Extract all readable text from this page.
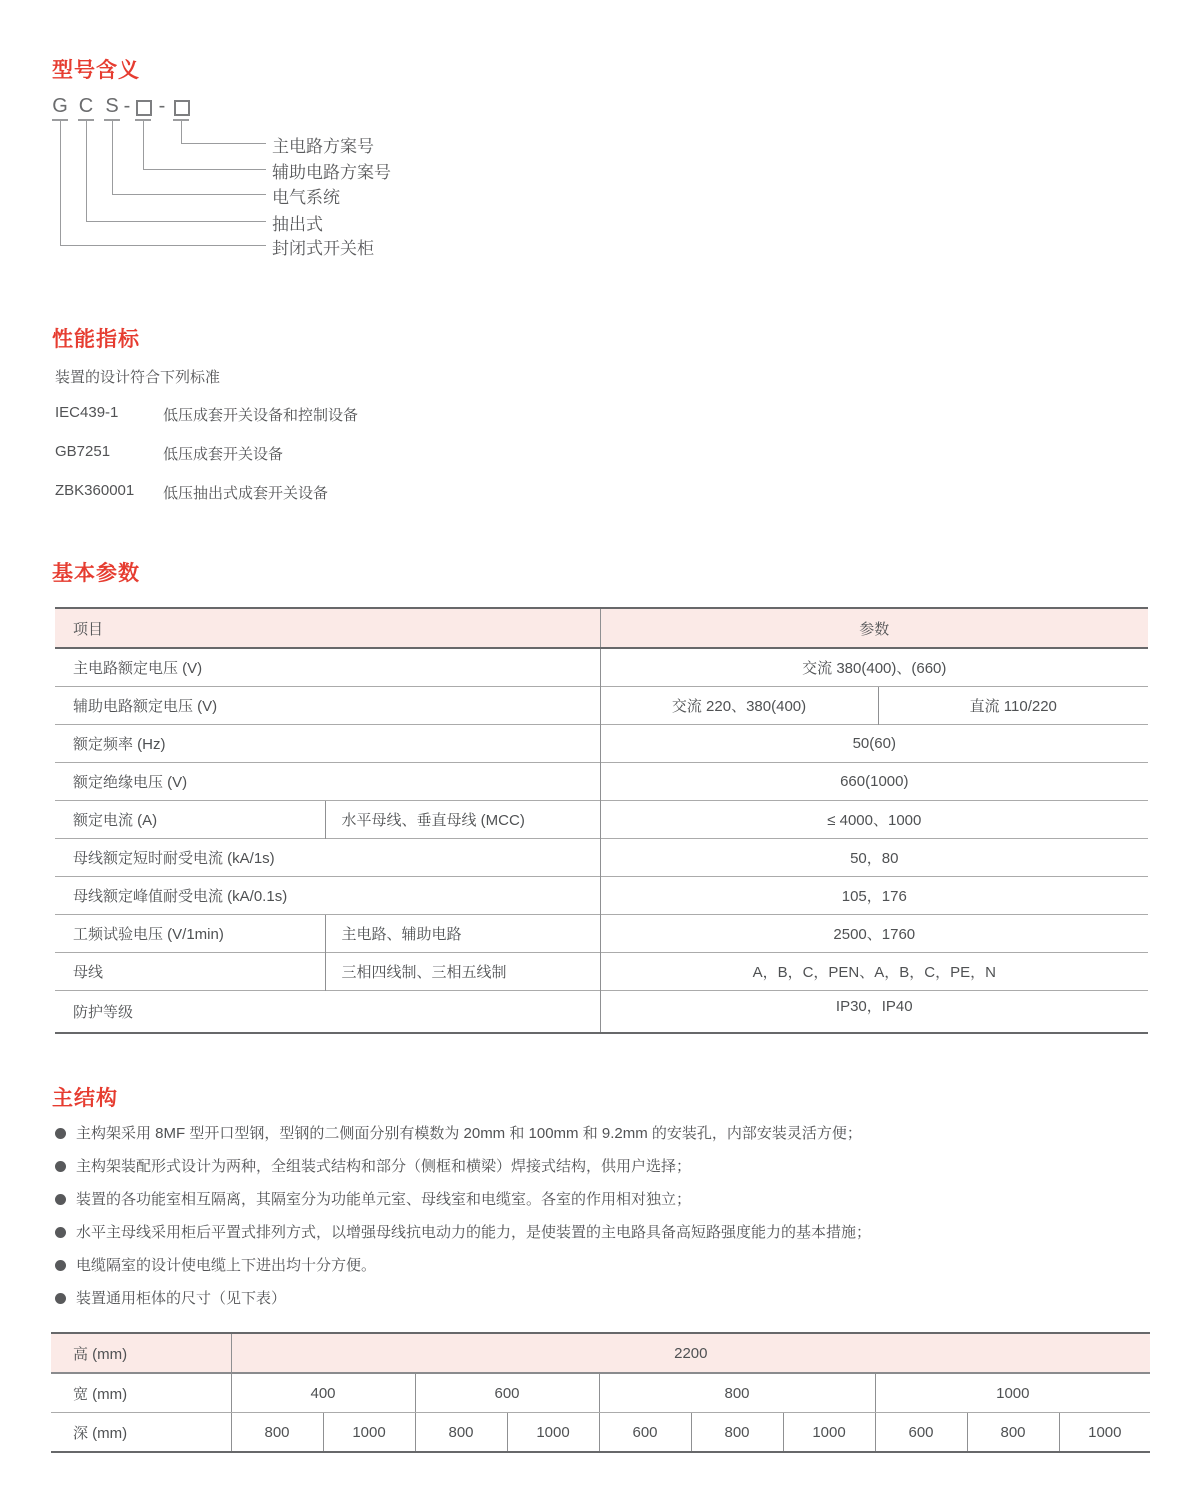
型号含义
G C S -	-
主电路方案号
辅助电路方案号
电气系统
抽出式
封闭式开关柜
性能指标
装置的设计符合下列标准
IEC439-1	低压成套开关设备和控制设备
GB7251	低压成套开关设备
ZBK360001	低压抽出式成套开关设备
基本参数
项目		参数	
主电路额定电压 (V)		交流 380(400)、(660)	
辅助电路额定电压 (V)		交流 220、380(400)	直流 110/220
额定频率 (Hz)		50(60)	
额定绝缘电压 (V)		660(1000)	
额定电流 (A)	水平母线、垂直母线 (MCC)	≤ 4000、1000	
母线额定短时耐受电流 (kA/1s)		50，80	
母线额定峰值耐受电流 (kA/0.1s)		105，176	
工频试验电压 (V/1min)	主电路、辅助电路	2500、1760	
母线	三相四线制、三相五线制	A，B，C，PEN、A，B，C，PE，N	
防护等级		IP30，IP40	
主结构
主构架采用 8MF 型开口型钢，型钢的二侧面分别有模数为 20mm 和 100mm 和 9.2mm 的安装孔，内部安装灵活方便；
主构架装配形式设计为两种，全组装式结构和部分（侧框和横梁）焊接式结构，供用户选择；
装置的各功能室相互隔离，其隔室分为功能单元室、母线室和电缆室。各室的作用相对独立；
水平主母线采用柜后平置式排列方式，以增强母线抗电动力的能力，是使装置的主电路具备高短路强度能力的基本措施；
电缆隔室的设计使电缆上下进出均十分方便。
装置通用柜体的尺寸（见下表）
高 (mm)	2200									
宽 (mm)	400		600		800			1000		
深 (mm)	800	1000	800	1000	600	800	1000	600	800	1000
